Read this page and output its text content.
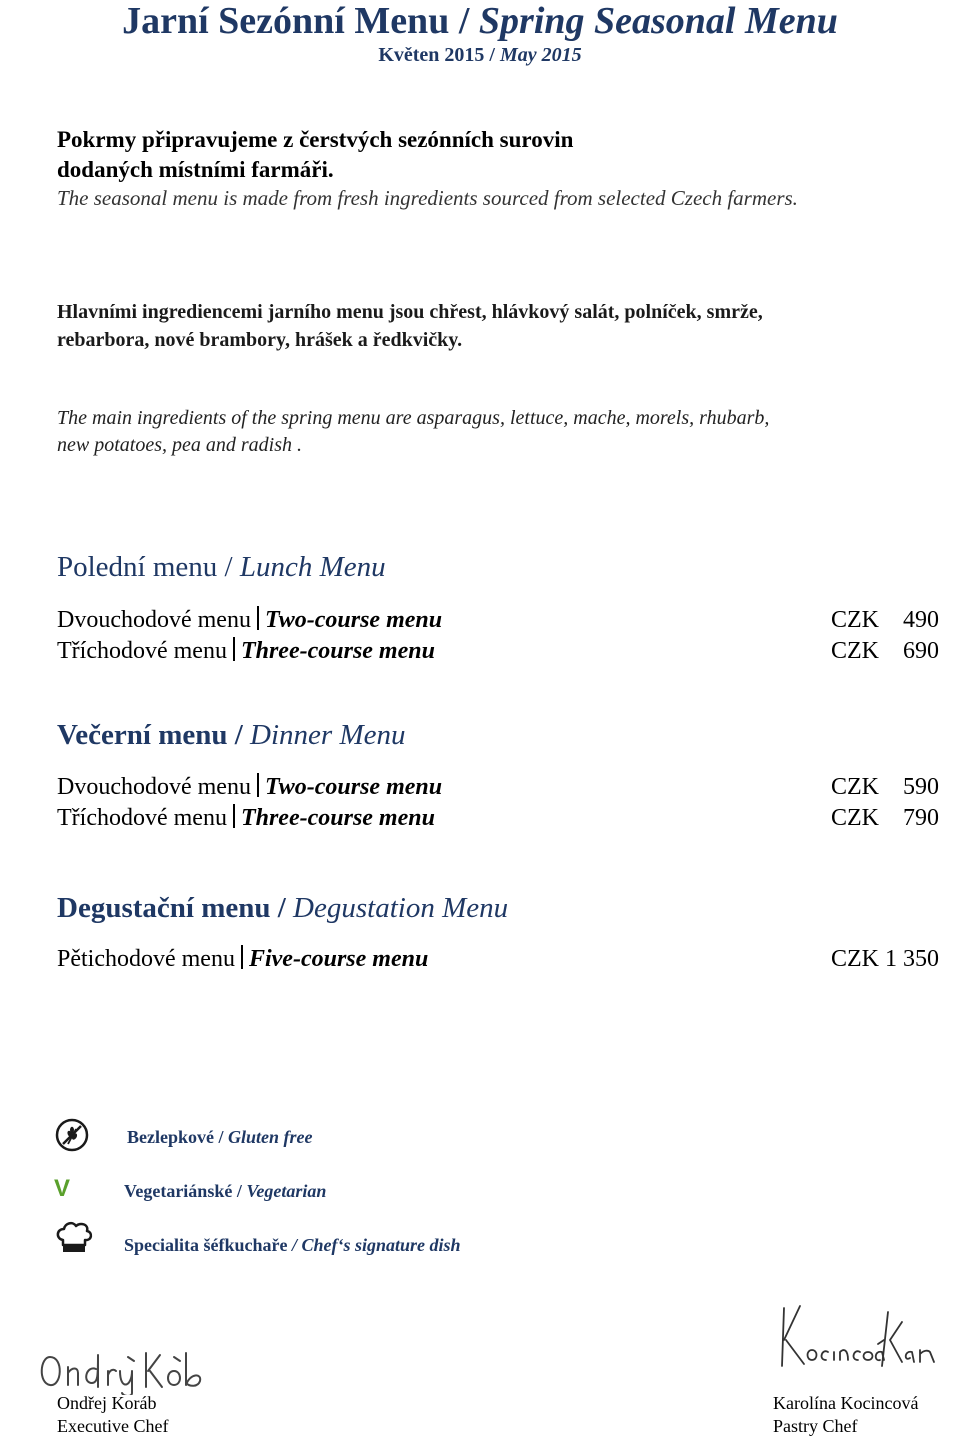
Jarní Sezónní Menu / Spring Seasonal Menu
Květen 2015 / May 2015
Pokrmy připravujeme z čerstvých sezónních surovin
dodaných místními farmáři.
The seasonal menu is made from fresh ingredients sourced from selected Czech farmers.
Hlavními ingrediencemi jarního menu jsou chřest, hlávkový salát, polníček, smrže,
rebarbora, nové brambory, hrášek a ředkvičky.
The main ingredients of the spring menu are asparagus, lettuce, mache, morels, rhubarb,
new potatoes, pea and radish .
Polední menu / Lunch Menu
Dvouchodové menu Two-course menu	CZK    490
Tříchodové menu Three-course menu	CZK    690
Večerní menu / Dinner Menu
Dvouchodové menu Two-course menu	CZK    590
Tříchodové menu Three-course menu	CZK    790
Degustační menu / Degustation Menu
Pětichodové menu Five-course menu	CZK 1 350
Bezlepkové / Gluten free
V	Vegetariánské / Vegetarian
Specialita šéfkuchaře / Chef‘s signature dish
Ondřej Koráb
Executive Chef
Karolína Kocincová
Pastry Chef
